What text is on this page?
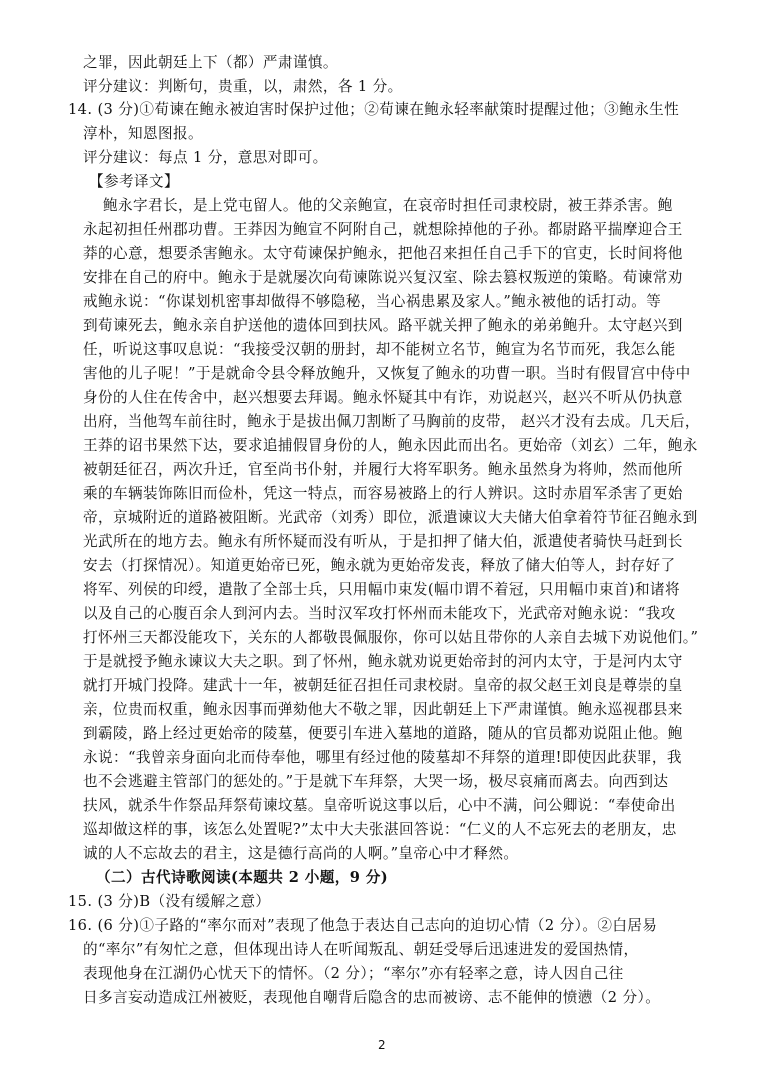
之罪，因此朝廷上下（都）严肃谨慎。
评分建议：判断句，贵重，以，肃然，各 1 分。
14. (3 分)①荀谏在鲍永被迫害时保护过他；②荀谏在鲍永轻率献策时提醒过他；③鲍永生性
淳朴，知恩图报。
评分建议：每点 1 分，意思对即可。
【参考译文】
鲍永字君长，是上党屯留人。他的父亲鲍宣，在哀帝时担任司隶校尉，被王莽杀害。鲍
永起初担任州郡功曹。王莽因为鲍宣不阿附自己，就想除掉他的子孙。都尉路平揣摩迎合王
莽的心意，想要杀害鲍永。太守荀谏保护鲍永，把他召来担任自己手下的官吏，长时间将他
安排在自己的府中。鲍永于是就屡次向荀谏陈说兴复汉室、除去篡权叛逆的策略。荀谏常劝
戒鲍永说：“你谋划机密事却做得不够隐秘，当心祸患累及家人。”鲍永被他的话打动。等
到荀谏死去，鲍永亲自护送他的遗体回到扶风。路平就关押了鲍永的弟弟鲍升。太守赵兴到
任，听说这事叹息说：“我接受汉朝的册封，却不能树立名节，鲍宣为名节而死，我怎么能
害他的儿子呢！”于是就命令县令释放鲍升，又恢复了鲍永的功曹一职。当时有假冒宫中侍中
身份的人住在传舍中，赵兴想要去拜谒。鲍永怀疑其中有诈，劝说赵兴，赵兴不听从仍执意
出府，当他驾车前往时，鲍永于是拔出佩刀割断了马胸前的皮带， 赵兴才没有去成。几天后，
王莽的诏书果然下达，要求追捕假冒身份的人，鲍永因此而出名。更始帝（刘玄）二年，鲍永
被朝廷征召，两次升迁，官至尚书仆射，并履行大将军职务。鲍永虽然身为将帅，然而他所
乘的车辆装饰陈旧而俭朴，凭这一特点，而容易被路上的行人辨识。这时赤眉军杀害了更始
帝，京城附近的道路被阻断。光武帝（刘秀）即位，派遣谏议大夫储大伯拿着符节征召鲍永到
光武所在的地方去。鲍永有所怀疑而没有听从，于是扣押了储大伯，派遣使者骑快马赶到长
安去（打探情况）。知道更始帝已死，鲍永就为更始帝发丧，释放了储大伯等人，封存好了
将军、列侯的印绶，遣散了全部士兵，只用幅巾束发(幅巾谓不着冠，只用幅巾束首)和诸将
以及自己的心腹百余人到河内去。当时汉军攻打怀州而未能攻下，光武帝对鲍永说：“我攻
打怀州三天都没能攻下，关东的人都敬畏佩服你，你可以姑且带你的人亲自去城下劝说他们。”
于是就授予鲍永谏议大夫之职。到了怀州，鲍永就劝说更始帝封的河内太守，于是河内太守
就打开城门投降。建武十一年，被朝廷征召担任司隶校尉。皇帝的叔父赵王刘良是尊崇的皇
亲，位贵而权重，鲍永因事而弹劾他大不敬之罪，因此朝廷上下严肃谨慎。鲍永巡视郡县来
到霸陵，路上经过更始帝的陵墓，便要引车进入墓地的道路，随从的官员都劝说阻止他。鲍
永说：“我曾亲身面向北而侍奉他，哪里有经过他的陵墓却不拜祭的道理!即使因此获罪，我
也不会逃避主管部门的惩处的。”于是就下车拜祭，大哭一场，极尽哀痛而离去。向西到达
扶风，就杀牛作祭品拜祭荀谏坟墓。皇帝听说这事以后，心中不满，问公卿说：“奉使命出
巡却做这样的事，该怎么处置呢?”太中大夫张湛回答说：“仁义的人不忘死去的老朋友，忠
诚的人不忘故去的君主，这是德行高尚的人啊。”皇帝心中才释然。
（二）古代诗歌阅读(本题共 2 小题，9 分)
15. (3 分)B（没有缓解之意）
16. (6 分)①子路的“率尔而对”表现了他急于表达自己志向的迫切心情（2 分）。②白居易
的“率尔”有匆忙之意，但体现出诗人在听闻叛乱、朝廷受辱后迅速进发的爱国热情，
表现他身在江湖仍心忧天下的情怀。（2 分）；“率尔”亦有轻率之意，诗人因自己往
日多言妄动造成江州被贬，表现他自嘲背后隐含的忠而被谤、志不能伸的愤懑（2 分）。
2
